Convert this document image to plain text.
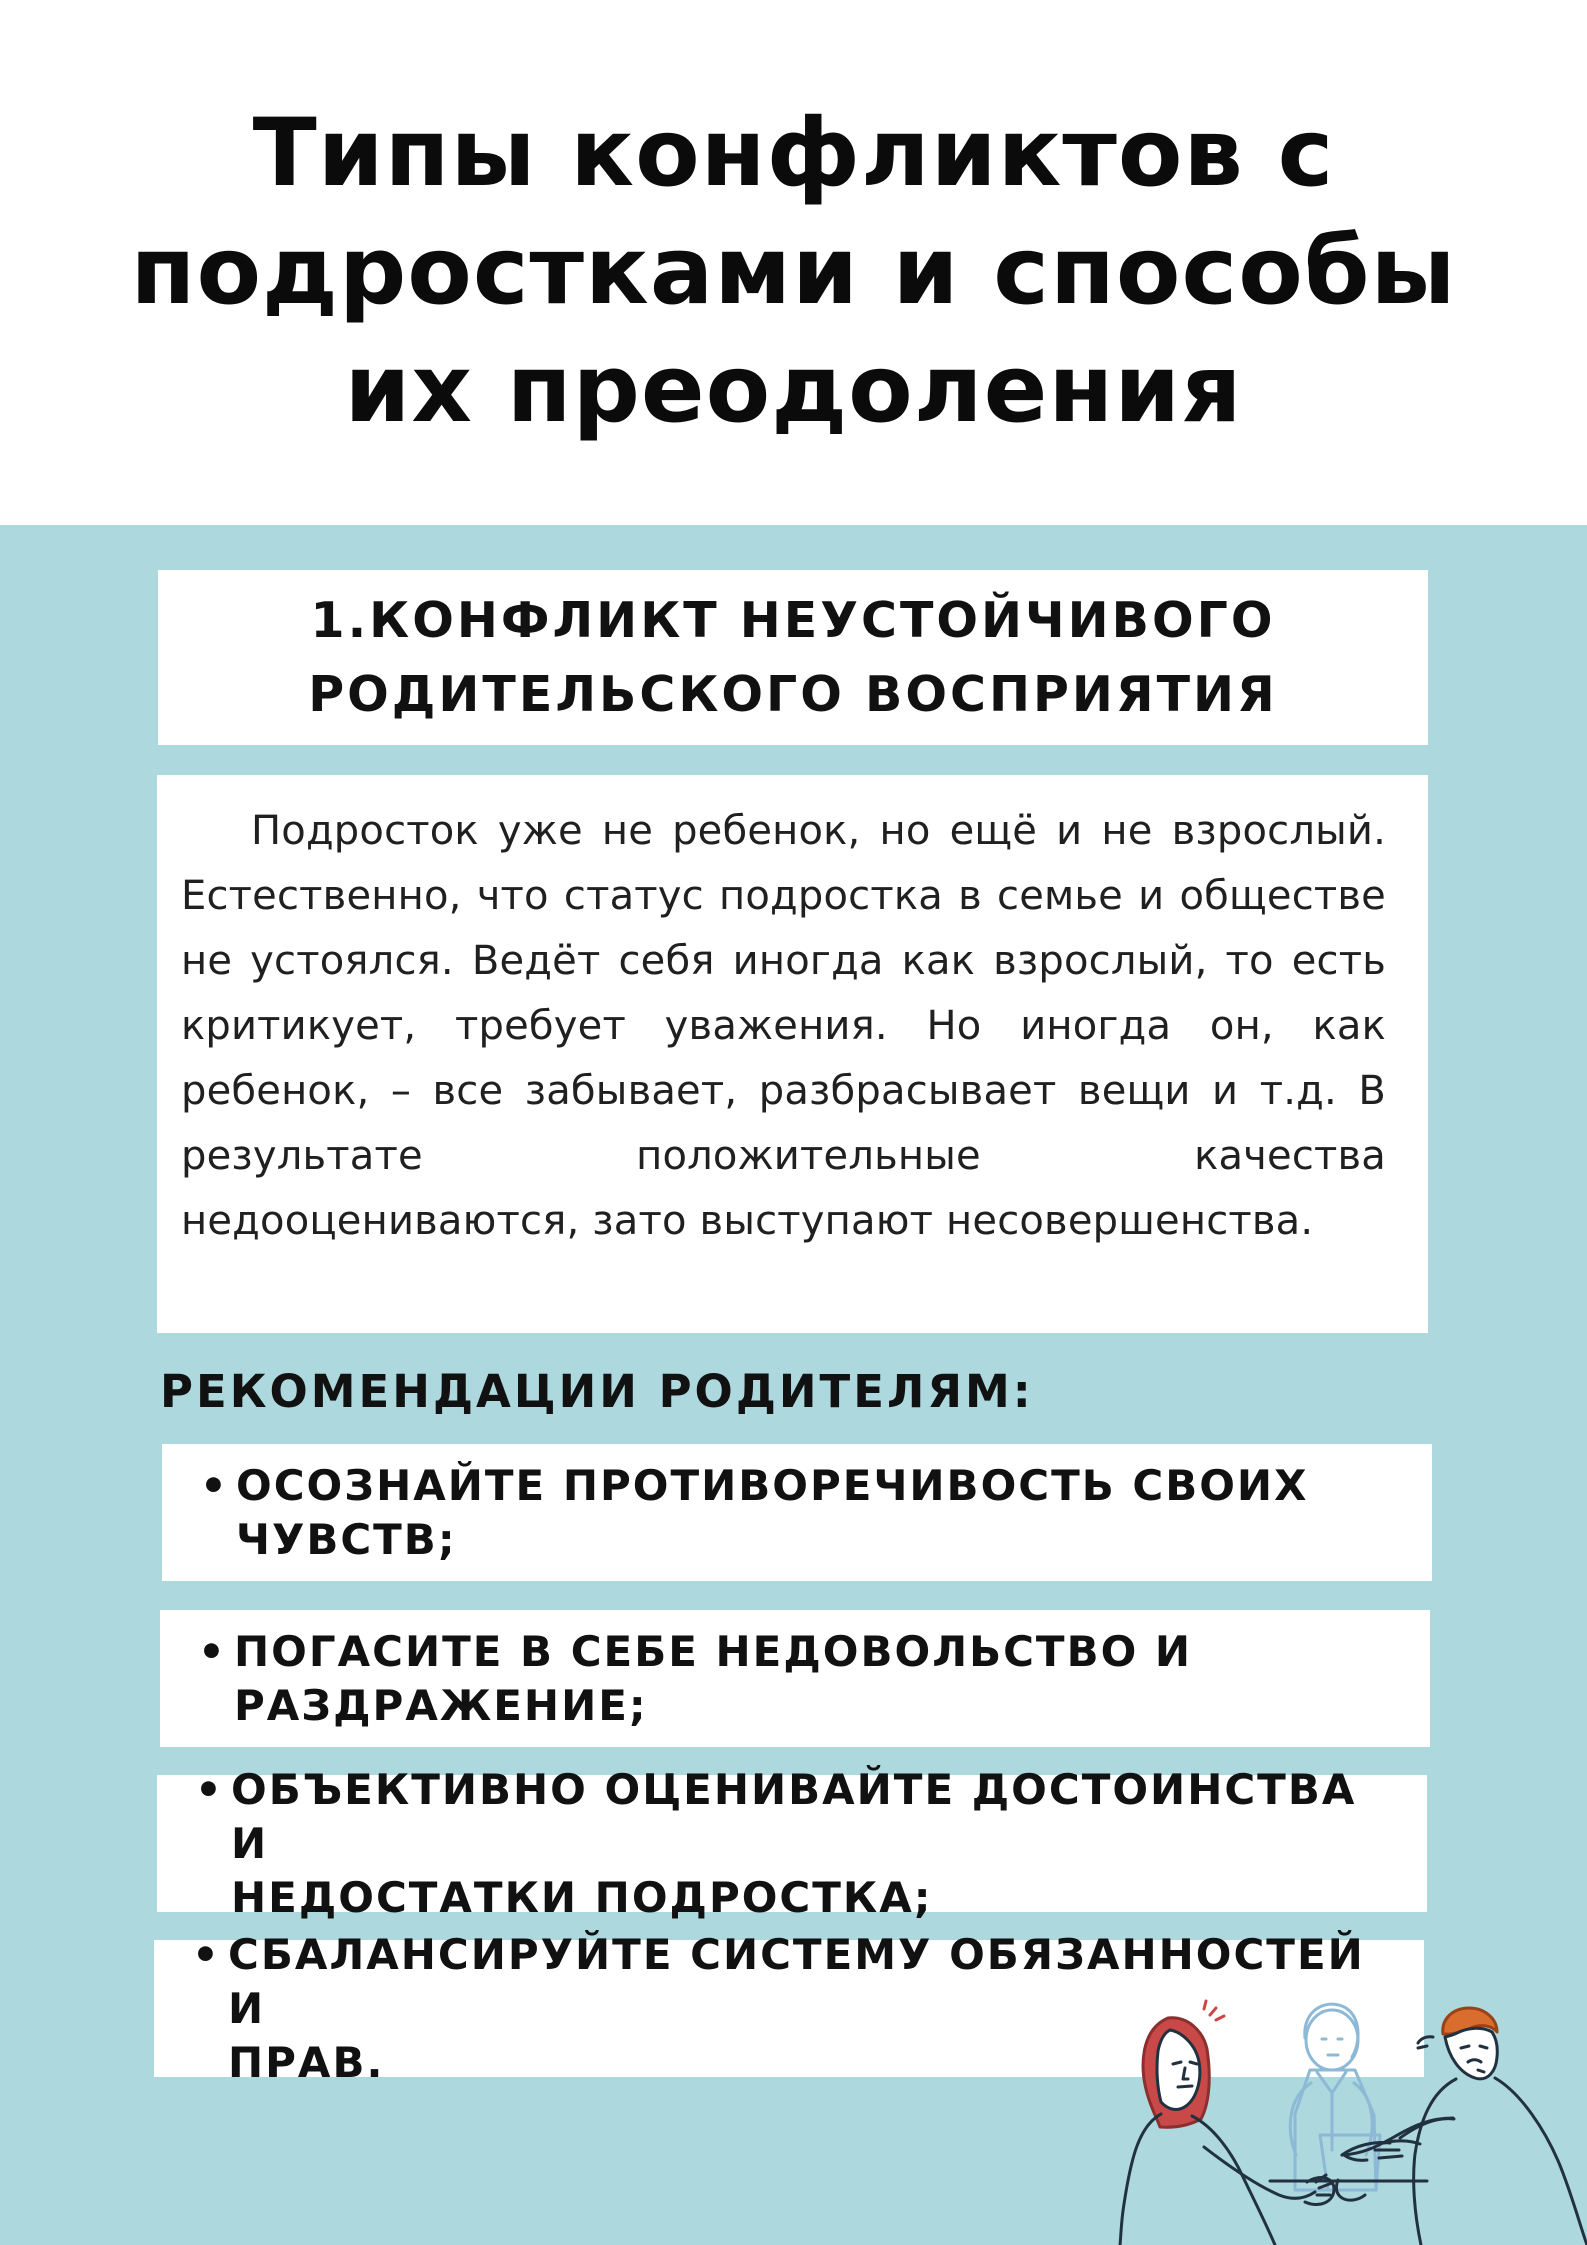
Типы конфликтов с
подростками и способы
их преодоления
1.КОНФЛИКТ НЕУСТОЙЧИВОГО
РОДИТЕЛЬСКОГО ВОСПРИЯТИЯ

Подросток уже не ребенок, но ещё и не взрослый. Естественно, что статус подростка в семье и обществе не устоялся. Ведёт себя иногда как взрослый, то есть критикует, требует уважения. Но иногда он, как ребенок, – все забывает, разбрасывает вещи и т.д. В результате положительные качества недооцениваются, зато выступают несовершенства.

РЕКОМЕНДАЦИИ РОДИТЕЛЯМ:
• ОСОЗНАЙТЕ ПРОТИВОРЕЧИВОСТЬ СВОИХ
ЧУВСТВ;
• ПОГАСИТЕ В СЕБЕ НЕДОВОЛЬСТВО И
РАЗДРАЖЕНИЕ;
• ОБЪЕКТИВНО ОЦЕНИВАЙТЕ ДОСТОИНСТВА И
НЕДОСТАТКИ ПОДРОСТКА;
• СБАЛАНСИРУЙТЕ СИСТЕМУ ОБЯЗАННОСТЕЙ И
ПРАВ.
